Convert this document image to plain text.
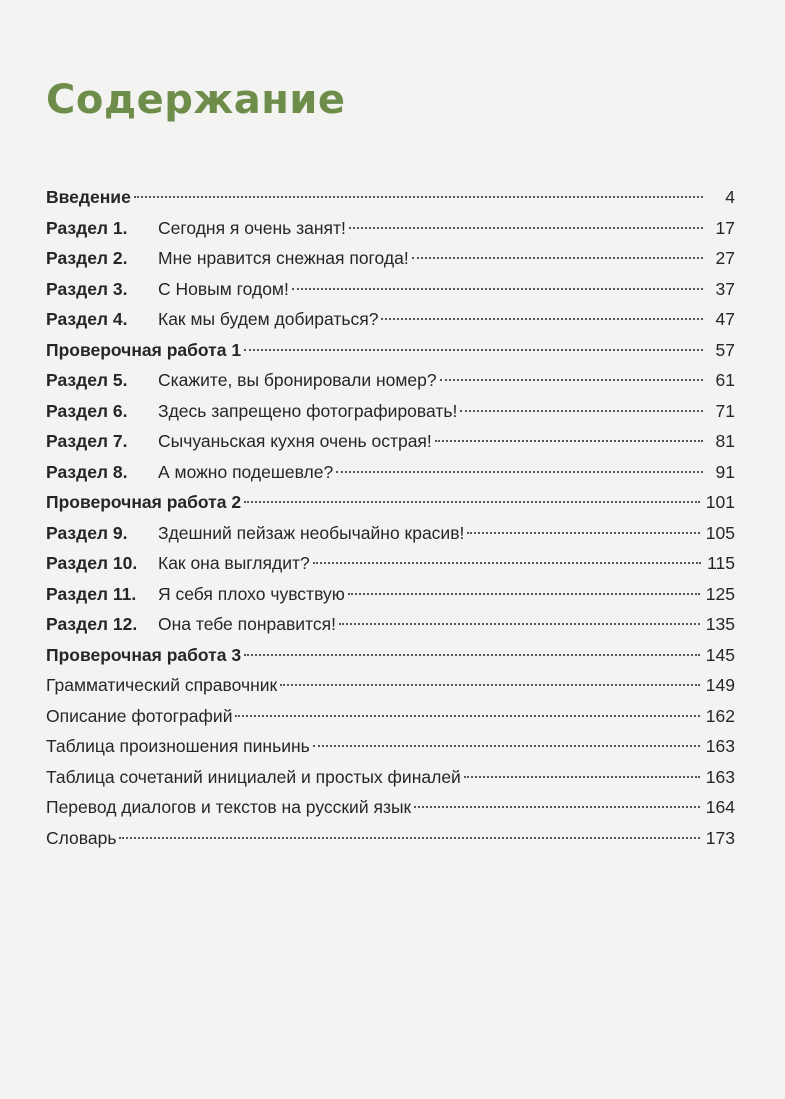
Содержание
Введение	4
Раздел 1.	Сегодня я очень занят!	17
Раздел 2.	Мне нравится снежная погода!	27
Раздел 3.	С Новым годом!	37
Раздел 4.	Как мы будем добираться?	47
Проверочная работа 1	57
Раздел 5.	Скажите, вы бронировали номер?	61
Раздел 6.	Здесь запрещено фотографировать!	71
Раздел 7.	Сычуаньская кухня очень острая!	81
Раздел 8.	А можно подешевле?	91
Проверочная работа 2	101
Раздел 9.	Здешний пейзаж необычайно красив!	105
Раздел 10.	Как она выглядит?	115
Раздел 11.	Я себя плохо чувствую	125
Раздел 12.	Она тебе понравится!	135
Проверочная работа 3	145
Грамматический справочник	149
Описание фотографий	162
Таблица произношения пиньинь	163
Таблица сочетаний инициалей и простых финалей	163
Перевод диалогов и текстов на русский язык	164
Словарь	173
